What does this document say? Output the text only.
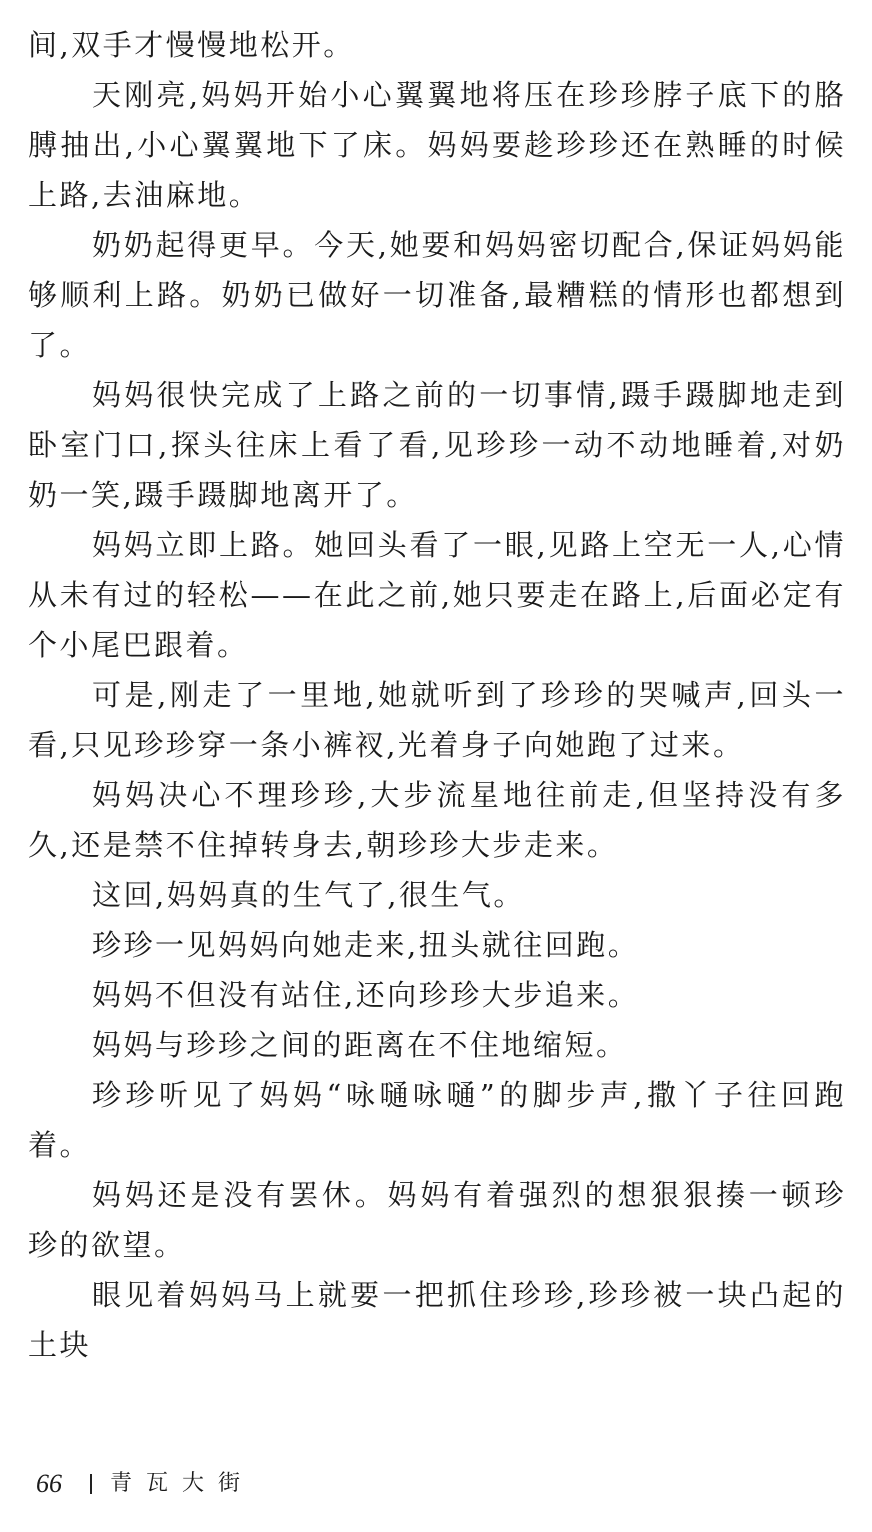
间,双手才慢慢地松开。

天刚亮,妈妈开始小心翼翼地将压在珍珍脖子底下的胳膊抽出,小心翼翼地下了床。妈妈要趁珍珍还在熟睡的时候上路,去油麻地。

奶奶起得更早。今天,她要和妈妈密切配合,保证妈妈能够顺利上路。奶奶已做好一切准备,最糟糕的情形也都想到了。

妈妈很快完成了上路之前的一切事情,蹑手蹑脚地走到卧室门口,探头往床上看了看,见珍珍一动不动地睡着,对奶奶一笑,蹑手蹑脚地离开了。

妈妈立即上路。她回头看了一眼,见路上空无一人,心情从未有过的轻松——在此之前,她只要走在路上,后面必定有个小尾巴跟着。

可是,刚走了一里地,她就听到了珍珍的哭喊声,回头一看,只见珍珍穿一条小裤衩,光着身子向她跑了过来。

妈妈决心不理珍珍,大步流星地往前走,但坚持没有多久,还是禁不住掉转身去,朝珍珍大步走来。

这回,妈妈真的生气了,很生气。

珍珍一见妈妈向她走来,扭头就往回跑。

妈妈不但没有站住,还向珍珍大步追来。

妈妈与珍珍之间的距离在不住地缩短。

珍珍听见了妈妈“咏嗵咏嗵”的脚步声,撒丫子往回跑着。

妈妈还是没有罢休。妈妈有着强烈的想狠狠揍一顿珍珍的欲望。

眼见着妈妈马上就要一把抓住珍珍,珍珍被一块凸起的土块

66	青瓦大街
